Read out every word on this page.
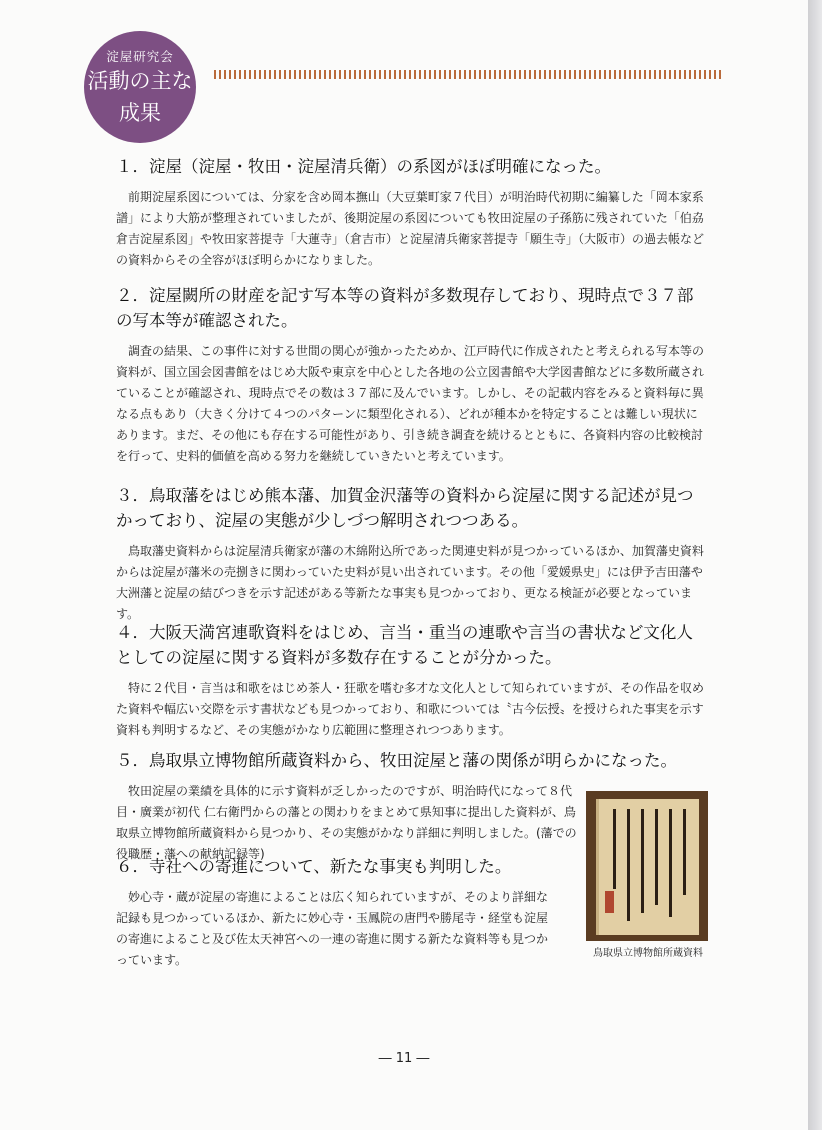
淀屋研究会
活動の主な
成果
１．淀屋（淀屋・牧田・淀屋清兵衛）の系図がほぼ明確になった。

前期淀屋系図については、分家を含め岡本撫山（大豆葉町家７代目）が明治時代初期に編纂した「岡本家系譜」により大筋が整理されていましたが、後期淀屋の系図についても牧田淀屋の子孫筋に残されていた「伯劦倉吉淀屋系図」や牧田家菩提寺「大蓮寺」（倉吉市）と淀屋清兵衛家菩提寺「願生寺」（大阪市）の過去帳などの資料からその全容がほぼ明らかになりました。

２．淀屋闕所の財産を記す写本等の資料が多数現存しており、現時点で３７部の写本等が確認された。

調査の結果、この事件に対する世間の関心が強かったためか、江戸時代に作成されたと考えられる写本等の資料が、国立国会図書館をはじめ大阪や東京を中心とした各地の公立図書館や大学図書館などに多数所蔵されていることが確認され、現時点でその数は３７部に及んでいます。しかし、その記載内容をみると資料毎に異なる点もあり（大きく分けて４つのパターンに類型化される）、どれが種本かを特定することは難しい現状にあります。まだ、その他にも存在する可能性があり、引き続き調査を続けるとともに、各資料内容の比較検討を行って、史料的価値を高める努力を継続していきたいと考えています。

３．鳥取藩をはじめ熊本藩、加賀金沢藩等の資料から淀屋に関する記述が見つかっており、淀屋の実態が少しづつ解明されつつある。

鳥取藩史資料からは淀屋清兵衛家が藩の木綿附込所であった関連史料が見つかっているほか、加賀藩史資料からは淀屋が藩米の売捌きに関わっていた史料が見い出されています。その他「愛媛県史」には伊予吉田藩や大洲藩と淀屋の結びつきを示す記述がある等新たな事実も見つかっており、更なる検証が必要となっています。

４．大阪天満宮連歌資料をはじめ、言当・重当の連歌や言当の書状など文化人としての淀屋に関する資料が多数存在することが分かった。

特に２代目・言当は和歌をはじめ茶人・狂歌を嗜む多才な文化人として知られていますが、その作品を収めた資料や幅広い交際を示す書状なども見つかっており、和歌については〝古今伝授〟を授けられた事実を示す資料も判明するなど、その実態がかなり広範囲に整理されつつあります。

５．鳥取県立博物館所蔵資料から、牧田淀屋と藩の関係が明らかになった。

牧田淀屋の業績を具体的に示す資料が乏しかったのですが、明治時代になって８代目・廣業が初代 仁右衛門からの藩との関わりをまとめて県知事に提出した資料が、鳥取県立博物館所蔵資料から見つかり、その実態がかなり詳細に判明しました。(藩での役職歴・藩への献納記録等)

６．寺社への寄進について、新たな事実も判明した。

妙心寺・蔵が淀屋の寄進によることは広く知られていますが、そのより詳細な記録も見つかっているほか、新たに妙心寺・玉鳳院の唐門や勝尾寺・経堂も淀屋の寄進によること及び佐太天神宮への一連の寄進に関する新たな資料等も見つかっています。	鳥取県立博物館所蔵資料
― 11 ―
